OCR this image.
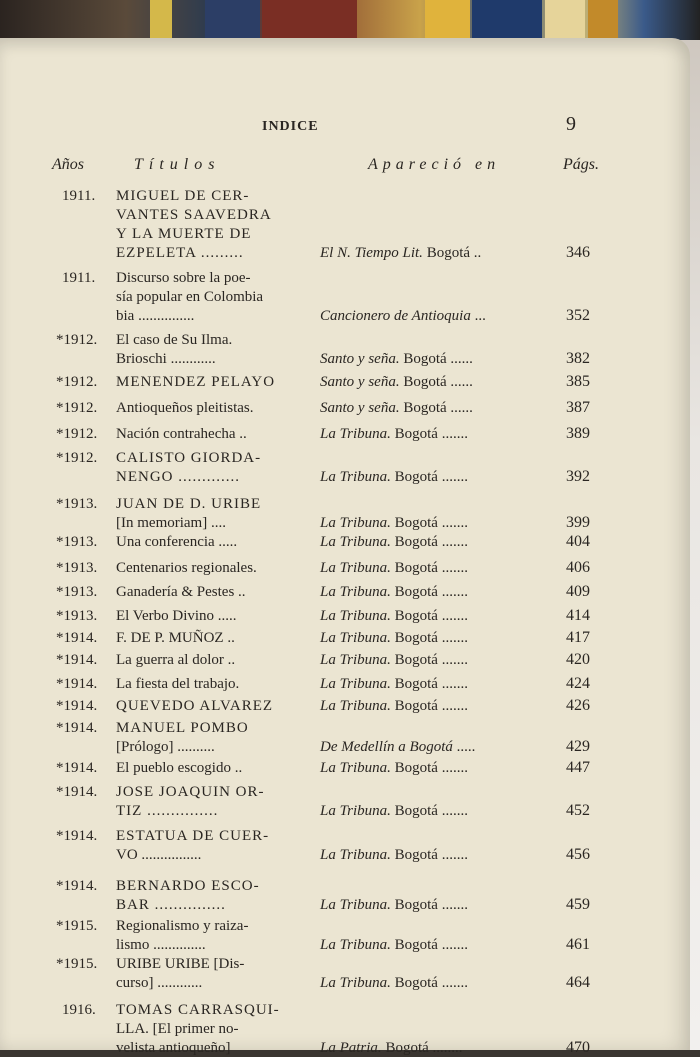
INDICE	9
Años	Títulos	Apareció en	Págs.
1911. MIGUEL DE CER-
VANTES SAAVEDRA
Y LA MUERTE DE
EZPELETA .........	El N. Tiempo Lit. Bogotá ..	346
1911. Discurso sobre la poe-
sía popular en Colombia
bia ...............	Cancionero de Antioquia ...	352
*1912. El caso de Su Ilma.
Brioschi ............	Santo y seña. Bogotá ......	382
*1912. MENENDEZ PELAYO	Santo y seña. Bogotá ......	385
*1912. Antioqueños pleitistas.	Santo y seña. Bogotá ......	387
*1912. Nación contrahecha ..	La Tribuna. Bogotá .......	389
*1912. CALISTO GIORDA-
NENGO .............	La Tribuna. Bogotá .......	392
*1913. JUAN DE D. URIBE
[In memoriam] ....	La Tribuna. Bogotá .......	399
*1913. Una conferencia .....	La Tribuna. Bogotá .......	404
*1913. Centenarios regionales.	La Tribuna. Bogotá .......	406
*1913. Ganadería & Pestes ..	La Tribuna. Bogotá .......	409
*1913. El Verbo Divino .....	La Tribuna. Bogotá .......	414
*1914. F. DE P. MUÑOZ ..	La Tribuna. Bogotá .......	417
*1914. La guerra al dolor ..	La Tribuna. Bogotá .......	420
*1914. La fiesta del trabajo.	La Tribuna. Bogotá .......	424
*1914. QUEVEDO ALVAREZ	La Tribuna. Bogotá .......	426
*1914. MANUEL POMBO
[Prólogo] ..........	De Medellín a Bogotá .....	429
*1914. El pueblo escogido ..	La Tribuna. Bogotá .......	447
*1914. JOSE JOAQUIN OR-
TIZ ...............	La Tribuna. Bogotá .......	452
*1914. ESTATUA DE CUER-
VO ................	La Tribuna. Bogotá .......	456
*1914. BERNARDO ESCO-
BAR ...............	La Tribuna. Bogotá .......	459
*1915. Regionalismo y raiza-
lismo ..............	La Tribuna. Bogotá .......	461
*1915. URIBE URIBE [Dis-
curso] ............	La Tribuna. Bogotá .......	464
1916. TOMAS CARRASQUI-
LLA. [El primer no-
velista antioqueño]	La Patria. Bogotá ........	470
